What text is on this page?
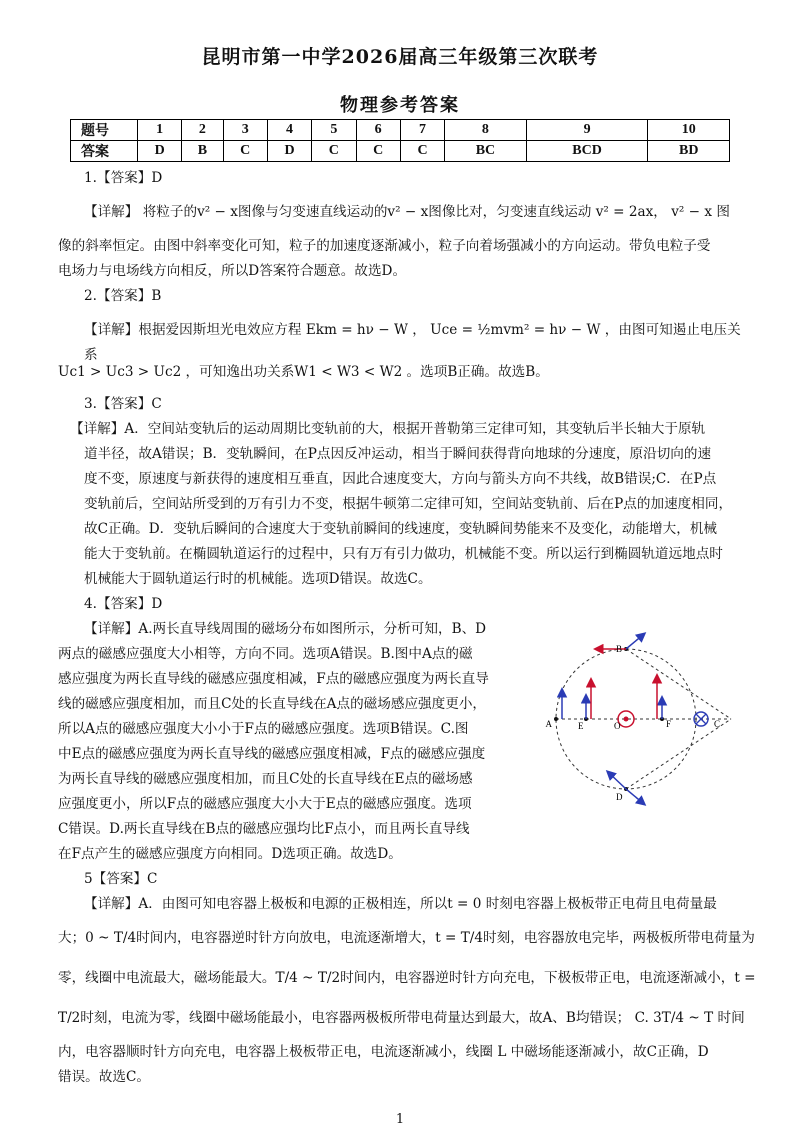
昆明市第一中学2026届高三年级第三次联考
物理参考答案
题号	1	2	3	4	5	6	7	8	9	10
答案	D	B	C	D	C	C	C	BC	BCD	BD
1.【答案】D
【详解】 将粒子的v² − x图像与匀变速直线运动的v² − x图像比对，匀变速直线运动 v² = 2ax， v² − x 图
像的斜率恒定。由图中斜率变化可知，粒子的加速度逐渐减小，粒子向着场强减小的方向运动。带负电粒子受
电场力与电场线方向相反，所以D答案符合题意。故选D。
2.【答案】B
【详解】根据爱因斯坦光电效应方程 Ekm = hν − W ， Uce = ½mvm² = hν − W ，由图可知遏止电压关系
Uc1 > Uc3 > Uc2 ，可知逸出功关系W1 < W3 < W2 。选项B正确。故选B。
3.【答案】C
【详解】A．空间站变轨后的运动周期比变轨前的大，根据开普勒第三定律可知，其变轨后半长轴大于原轨
道半径，故A错误；B．变轨瞬间，在P点因反冲运动，相当于瞬间获得背向地球的分速度，原沿切向的速
度不变，原速度与新获得的速度相互垂直，因此合速度变大，方向与箭头方向不共线，故B错误;C．在P点
变轨前后，空间站所受到的万有引力不变，根据牛顿第二定律可知，空间站变轨前、后在P点的加速度相同，
故C正确。D．变轨后瞬间的合速度大于变轨前瞬间的线速度，变轨瞬间势能来不及变化，动能增大，机械
能大于变轨前。在椭圆轨道运行的过程中，只有万有引力做功，机械能不变。所以运行到椭圆轨道远地点时
机械能大于圆轨道运行时的机械能。选项D错误。故选C。
4.【答案】D
【详解】A.两长直导线周围的磁场分布如图所示，分析可知，B、D
两点的磁感应强度大小相等，方向不同。选项A错误。B.图中A点的磁
感应强度为两长直导线的磁感应强度相减，F点的磁感应强度为两长直导
线的磁感应强度相加，而且C处的长直导线在A点的磁场感应强度更小，
所以A点的磁感应强度大小小于F点的磁感应强度。选项B错误。C.图
中E点的磁感应强度为两长直导线的磁感应强度相减，F点的磁感应强度
为两长直导线的磁感应强度相加，而且C处的长直导线在E点的磁场感
应强度更小，所以F点的磁感应强度大小大于E点的磁感应强度。选项
C错误。D.两长直导线在B点的磁感应强均比F点小，而且两长直导线
在F点产生的磁感应强度方向相同。D选项正确。故选D。
A	E	O	F	C
B
D
5【答案】C
【详解】A．由图可知电容器上极板和电源的正极相连，所以t = 0 时刻电容器上极板带正电荷且电荷量最
大；0 ~ T/4时间内，电容器逆时针方向放电，电流逐渐增大，t = T/4时刻，电容器放电完毕，两极板所带电荷量为
零，线圈中电流最大，磁场能最大。T/4 ~ T/2时间内，电容器逆时针方向充电，下极板带正电，电流逐渐减小，t =
T/2时刻，电流为零，线圈中磁场能最小，电容器两极板所带电荷量达到最大，故A、B均错误； C. 3T/4 ~ T 时间
内，电容器顺时针方向充电，电容器上极板带正电，电流逐渐减小，线圈 L 中磁场能逐渐减小，故C正确，D
错误。故选C。
1
